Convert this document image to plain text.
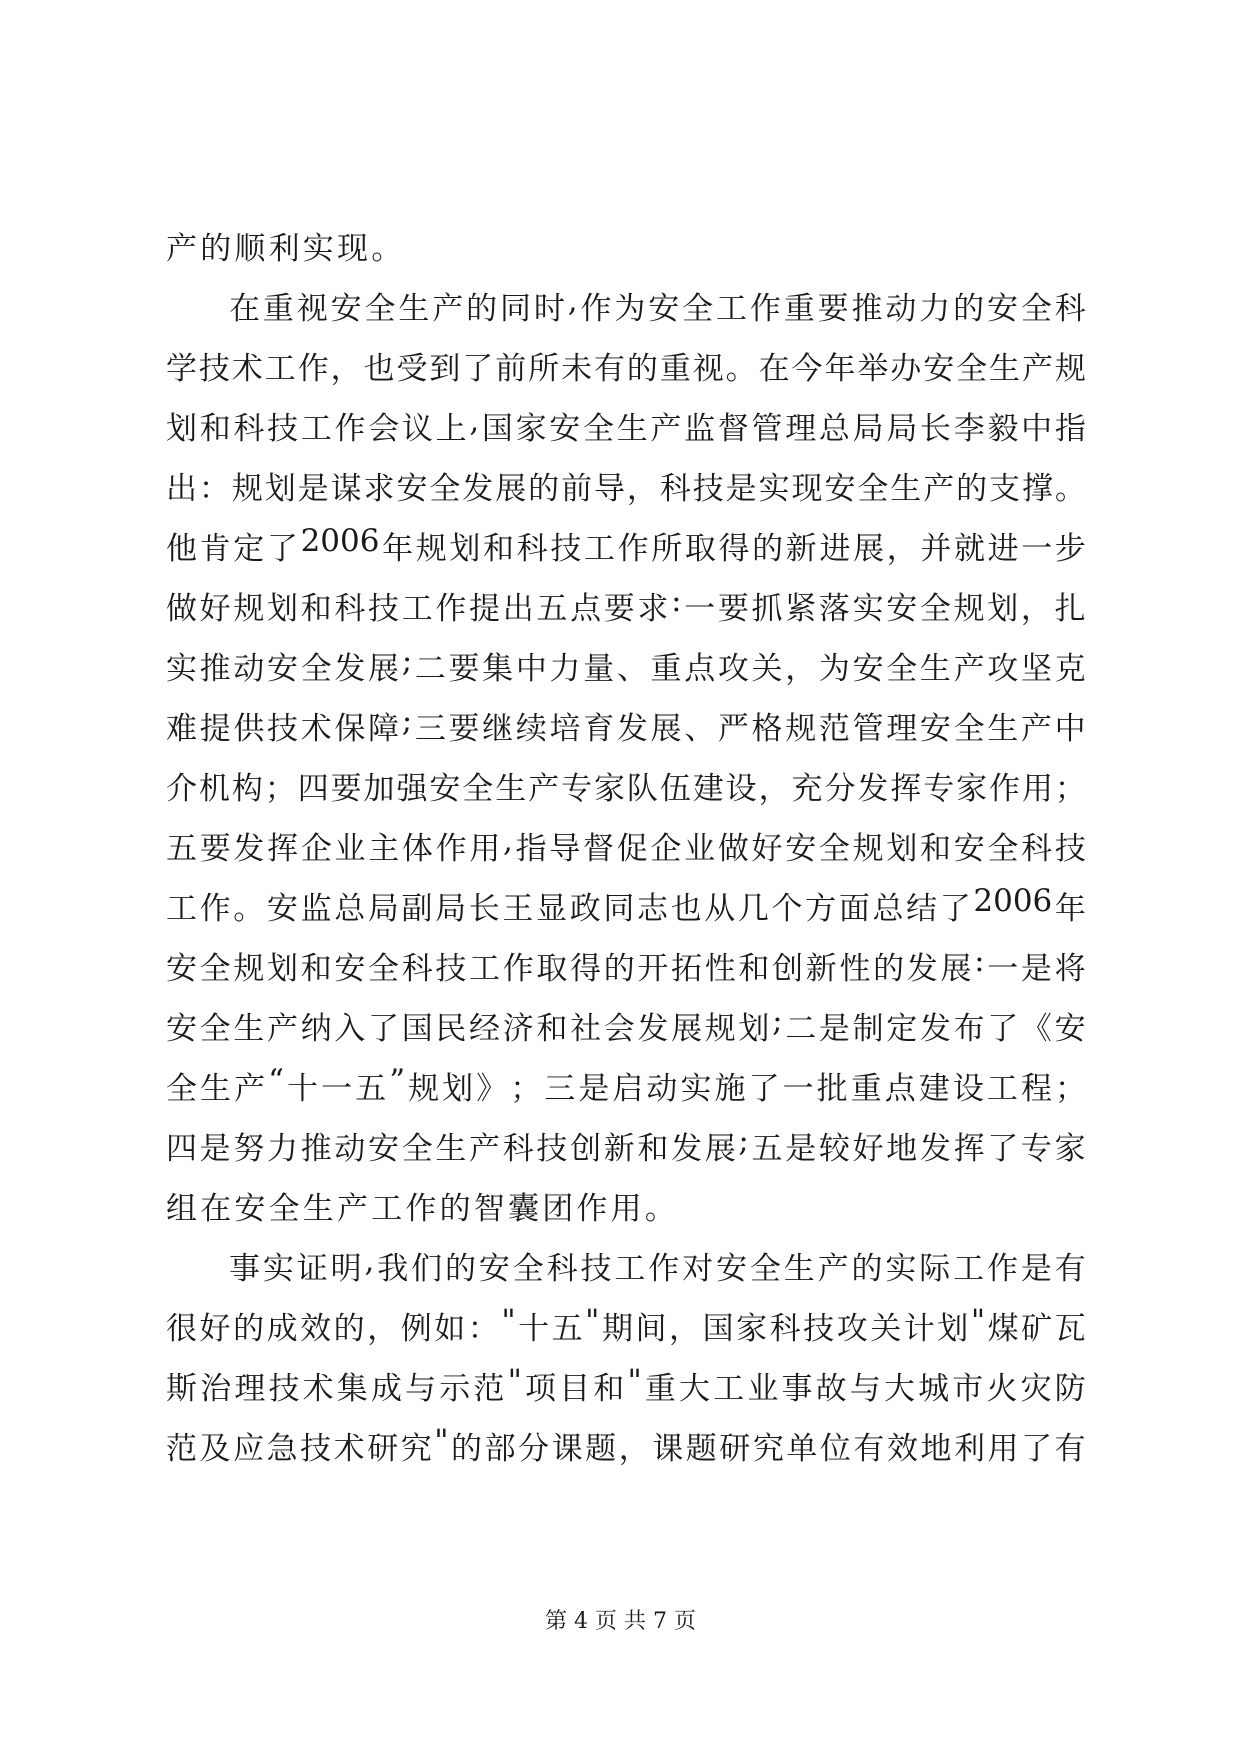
产的顺利实现。
在 重 视 安 全 生 产 的 同 时 , 作 为 安 全 工 作 重 要 推 动 力 的 安 全 科
学 技 术 工 作 ， 也 受 到 了 前 所 未 有 的 重 视 。 在 今 年 举 办 安 全 生 产 规
划 和 科 技 工 作 会 议 上 , 国 家 安 全 生 产 监 督 管 理 总 局 局 长 李 毅 中 指
出 ： 规 划 是 谋 求 安 全 发 展 的 前 导 ， 科 技 是 实 现 安 全 生 产 的 支 撑 。
他 肯 定 了 2006 年 规 划 和 科 技 工 作 所 取 得 的 新 进 展 ， 并 就 进 一 步
做 好 规 划 和 科 技 工 作 提 出 五 点 要 求 : 一 要 抓 紧 落 实 安 全 规 划 ， 扎
实 推 动 安 全 发 展 ; 二 要 集 中 力 量 、 重 点 攻 关 ， 为 安 全 生 产 攻 坚 克
难 提 供 技 术 保 障 ; 三 要 继 续 培 育 发 展 、 严 格 规 范 管 理 安 全 生 产 中
介 机 构 ； 四 要 加 强 安 全 生 产 专 家 队 伍 建 设 ， 充 分 发 挥 专 家 作 用 ；
五 要 发 挥 企 业 主 体 作 用 , 指 导 督 促 企 业 做 好 安 全 规 划 和 安 全 科 技
工 作 。 安 监 总 局 副 局 长 王 显 政 同 志 也 从 几 个 方 面 总 结 了 2006 年
安 全 规 划 和 安 全 科 技 工 作 取 得 的 开 拓 性 和 创 新 性 的 发 展 : 一 是 将
安 全 生 产 纳 入 了 国 民 经 济 和 社 会 发 展 规 划 ; 二 是 制 定 发 布 了 《 安
全 生 产 “ 十 一 五 ” 规 划 》 ； 三 是 启 动 实 施 了 一 批 重 点 建 设 工 程 ；
四 是 努 力 推 动 安 全 生 产 科 技 创 新 和 发 展 ; 五 是 较 好 地 发 挥 了 专 家
组在安全生产工作的智囊团作用。
事 实 证 明 , 我 们 的 安 全 科 技 工 作 对 安 全 生 产 的 实 际 工 作 是 有
很 好 的 成 效 的 ， 例 如 ： " 十 五 " 期 间 ， 国 家 科 技 攻 关 计 划 " 煤 矿 瓦
斯 治 理 技 术 集 成 与 示 范 " 项 目 和 " 重 大 工 业 事 故 与 大 城 市 火 灾 防
范 及 应 急 技 术 研 究 " 的 部 分 课 题 ， 课 题 研 究 单 位 有 效 地 利 用 了 有
第 4 页 共 7 页
